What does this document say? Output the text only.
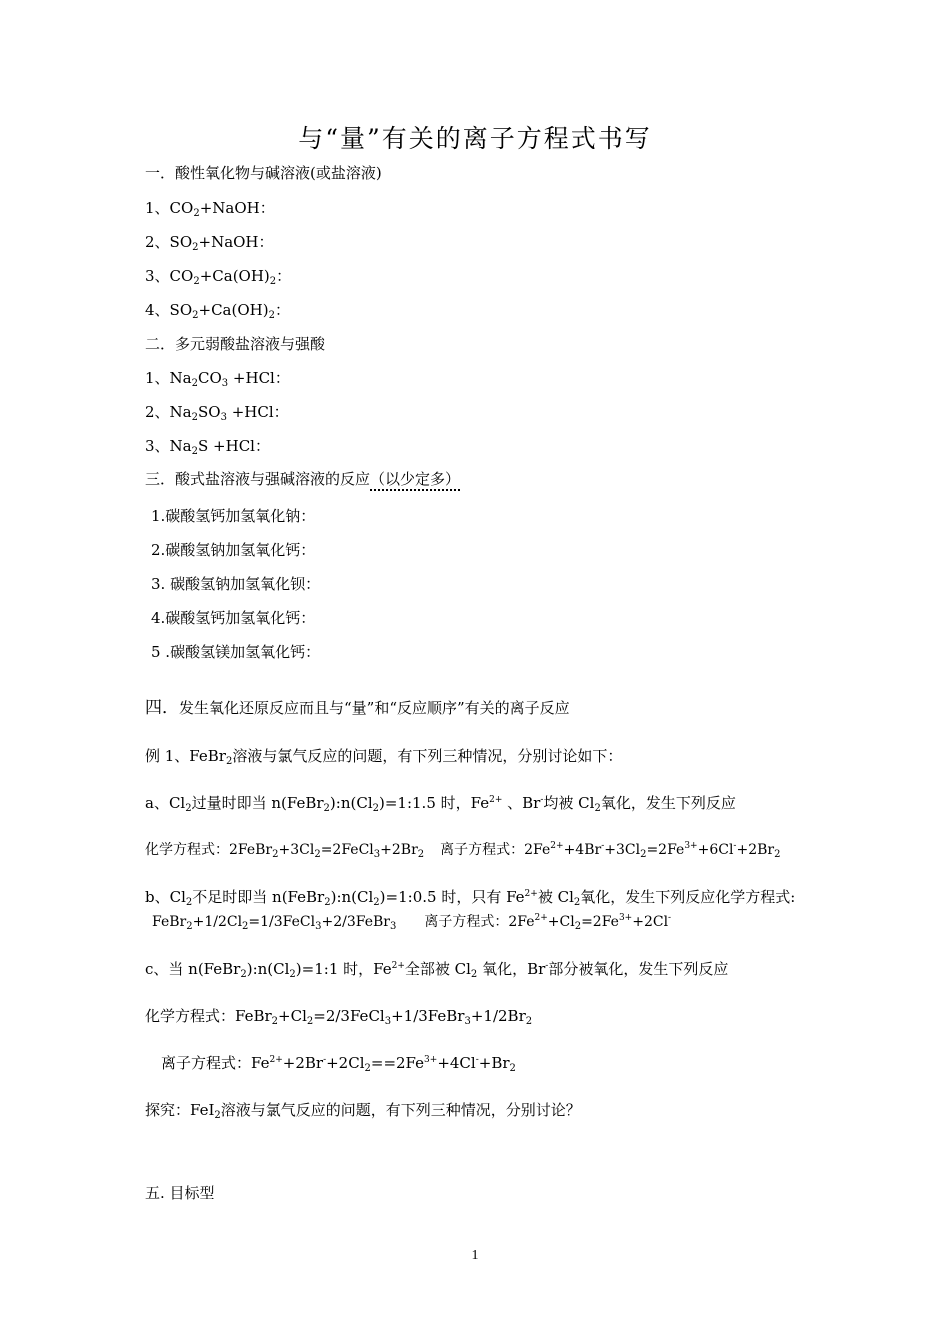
与“量”有关的离子方程式书写
一．酸性氧化物与碱溶液(或盐溶液)
1、$CO_2+NaOH$：
2、$SO_2+NaOH$：
3、$CO_2+Ca(OH)_2$：
4、$SO_2+Ca(OH)_2$：
二．多元弱酸盐溶液与强酸
1、$Na_2CO_3 +HCl$：
2、$Na_2SO_3 +HCl$：
3、$Na_2S +HCl$：
三．酸式盐溶液与强碱溶液的反应（以少定多）
1.碳酸氢钙加氢氧化钠：
2.碳酸氢钠加氢氧化钙：
3. 碳酸氢钠加氢氧化钡：
4.碳酸氢钙加氢氧化钙：
5 .碳酸氢镁加氢氧化钙：
四．发生氧化还原反应而且与“量”和“反应顺序”有关的离子反应
例 1、FeBr$_2$溶液与氯气反应的问题，有下列三种情况，分别讨论如下：
a、$Cl_2$过量时即当 $n(FeBr_2):n(Cl_2)=1:1.5$ 时，$Fe^{2+}$ 、Br-均被 $Cl_2$氧化，发生下列反应
化学方程式：$2FeBr_2+3Cl_2=2FeCl_3+2Br_2$ 离子方程式：$2Fe^{2+}+4Br^-+3Cl_2=2Fe^{3+}+6Cl^-+2Br_2$
b、$Cl_2$不足时即当 $n(FeBr_2):n(Cl_2)=1:0.5$ 时，只有 $Fe^{2+}$被 $Cl_2$氧化，发生下列反应化学方程式:
$FeBr_2+1/2Cl_2=1/3FeCl_3+2/3FeBr_3$ 离子方程式：$2Fe^{2+}+Cl_2=2Fe^{3+}+2Cl^-$
c、当 $n(FeBr_2):n(Cl_2)=1:1$ 时，$Fe^{2+}$全部被 $Cl_2$ 氧化，Br-部分被氧化，发生下列反应
化学方程式：$FeBr_2+Cl_2=2/3FeCl_3+1/3FeBr_3+1/2Br_2$
离子方程式：$Fe^{2+}+2Br^-+2Cl_2==2Fe^{3+}+4Cl^-+Br_2$
探究：FeI$_2$溶液与氯气反应的问题，有下列三种情况，分别讨论？
五. 目标型
1
